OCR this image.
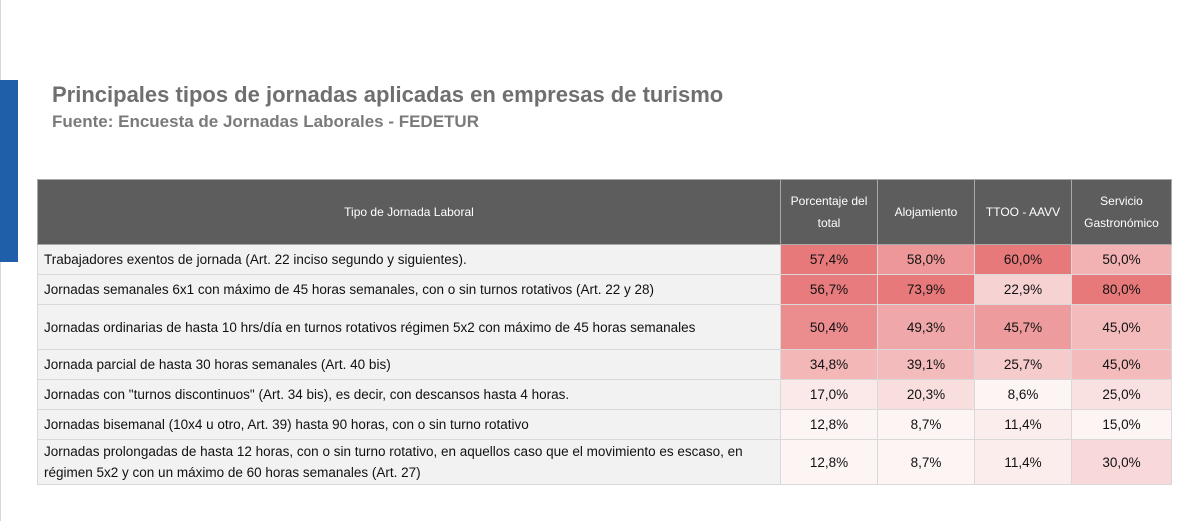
Principales tipos de jornadas aplicadas en empresas de turismo
Fuente: Encuesta de Jornadas Laborales - FEDETUR
Tipo de Jornada Laboral	Porcentaje del total	Alojamiento	TTOO - AAVV	Servicio Gastronómico
Trabajadores exentos de jornada (Art. 22 inciso segundo y siguientes).	57,4%	58,0%	60,0%	50,0%
Jornadas semanales 6x1 con máximo de 45 horas semanales, con o sin turnos rotativos (Art. 22 y 28)	56,7%	73,9%	22,9%	80,0%
Jornadas ordinarias de hasta 10 hrs/día en turnos rotativos régimen 5x2 con máximo de 45 horas semanales	50,4%	49,3%	45,7%	45,0%
Jornada parcial de hasta 30 horas semanales (Art. 40 bis)	34,8%	39,1%	25,7%	45,0%
Jornadas con "turnos discontinuos" (Art. 34 bis), es decir, con descansos hasta 4 horas.	17,0%	20,3%	8,6%	25,0%
Jornadas bisemanal (10x4 u otro, Art. 39) hasta 90 horas, con o sin turno rotativo	12,8%	8,7%	11,4%	15,0%
Jornadas prolongadas de hasta 12 horas, con o sin turno rotativo, en aquellos caso que el movimiento es escaso, en régimen 5x2 y con un máximo de 60 horas semanales (Art. 27)	12,8%	8,7%	11,4%	30,0%
